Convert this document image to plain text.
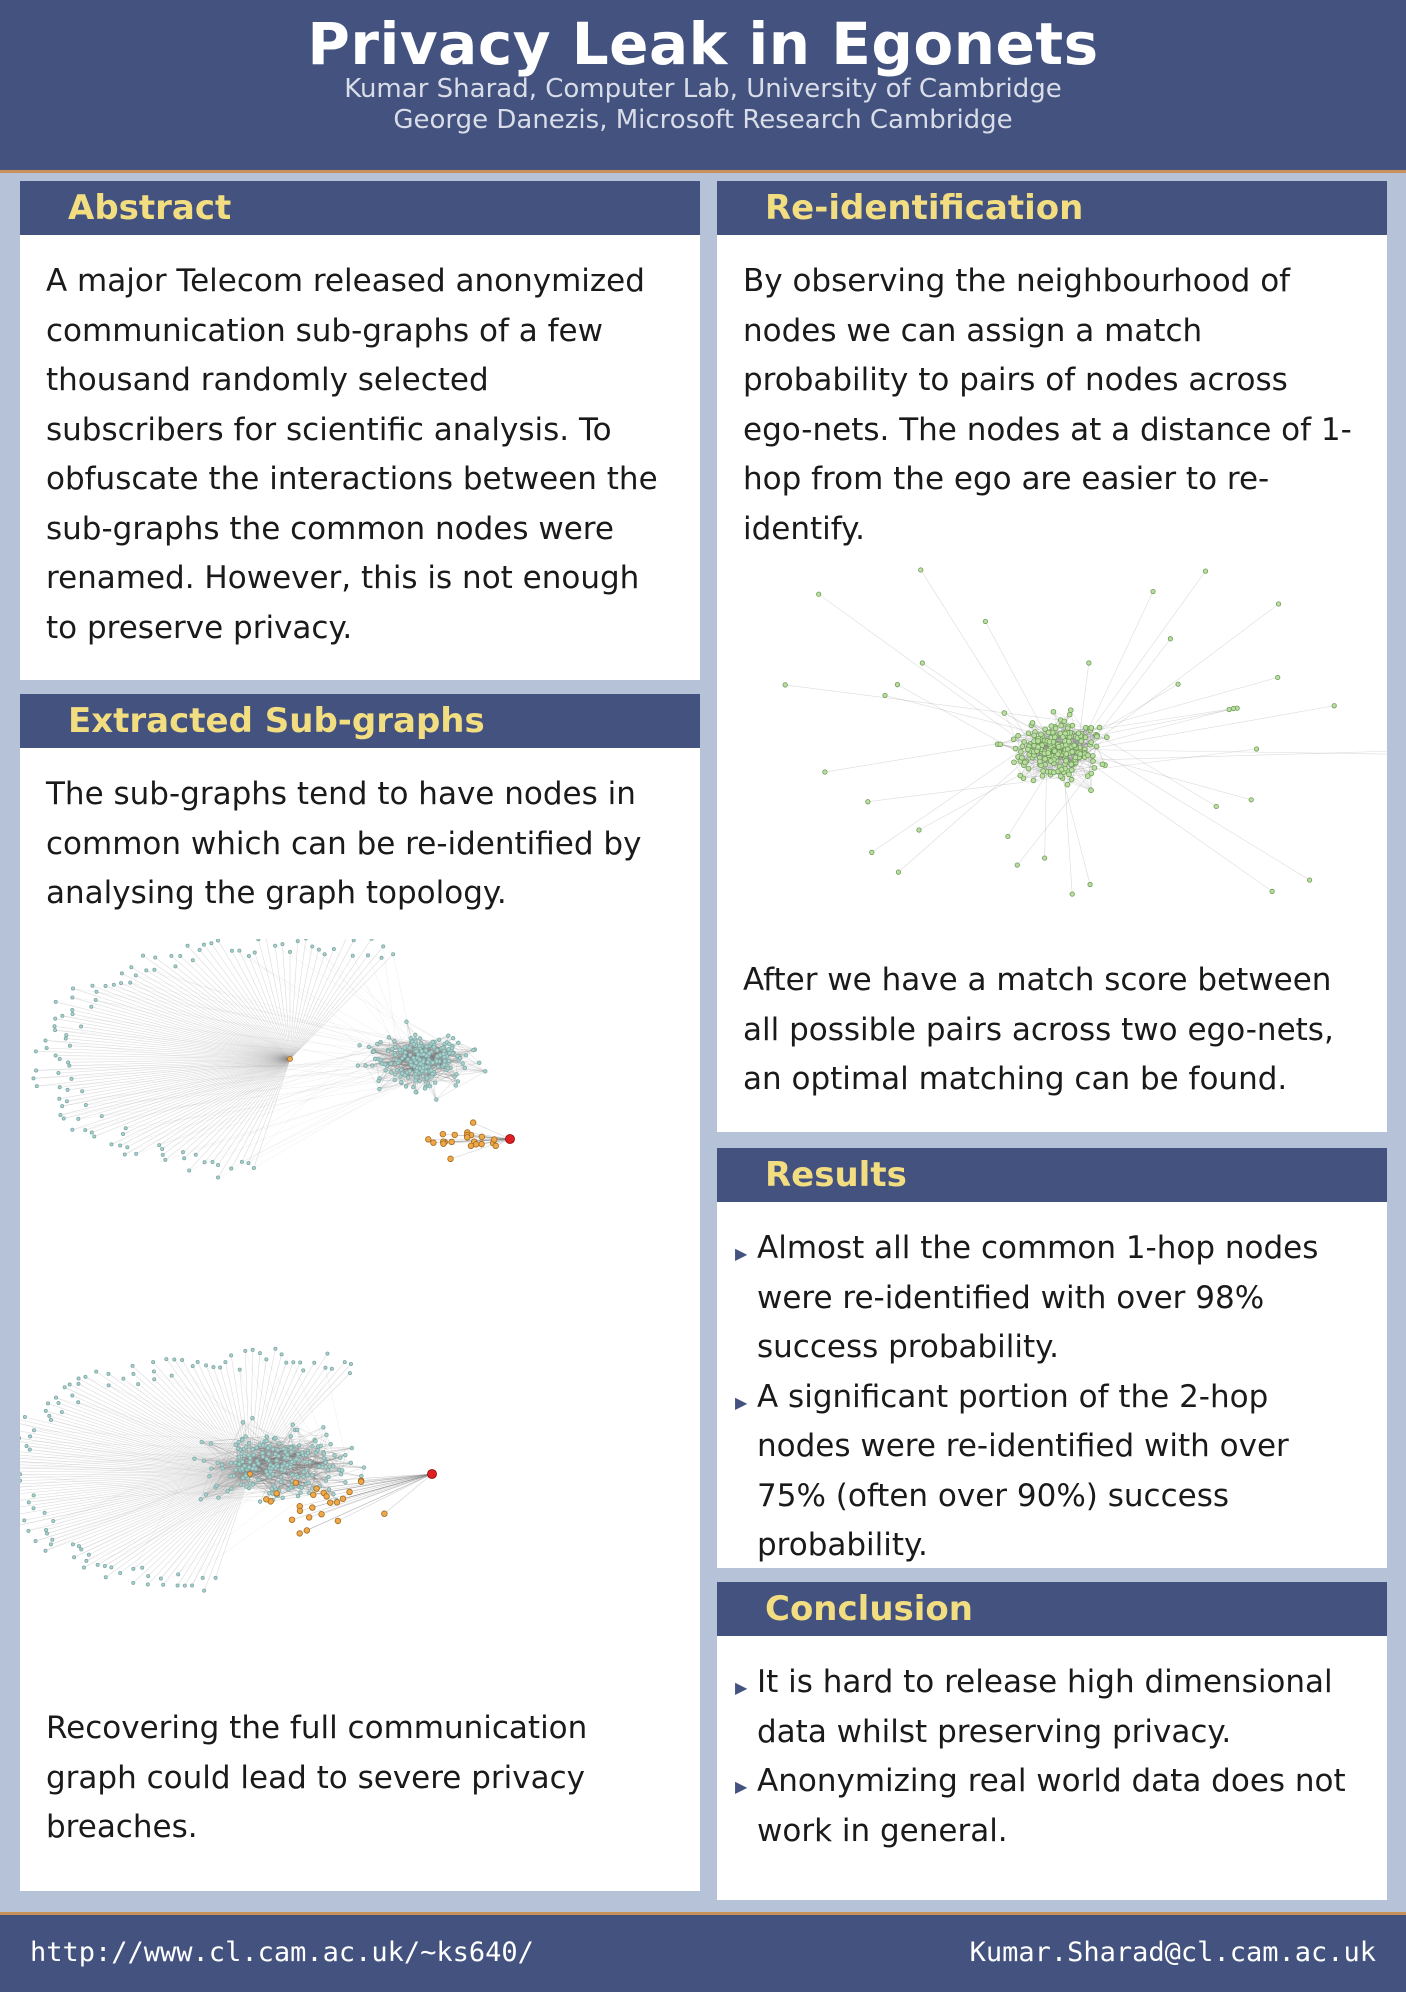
Privacy Leak in Egonets
Kumar Sharad, Computer Lab, University of Cambridge
George Danezis, Microsoft Research Cambridge
Abstract

A major Telecom released anonymized communication sub-graphs of a few thousand randomly selected subscribers for scientific analysis. To obfuscate the interactions between the sub-graphs the common nodes were renamed. However, this is not enough to preserve privacy.

Extracted Sub-graphs

The sub-graphs tend to have nodes in common which can be re-identified by analysing the graph topology.

Recovering the full communication graph could lead to severe privacy breaches.

Re-identification

By observing the neighbourhood of nodes we can assign a match probability to pairs of nodes across ego-nets. The nodes at a distance of 1-hop from the ego are easier to re-identify.

After we have a match score between all possible pairs across two ego-nets, an optimal matching can be found.

Results
▶ Almost all the common 1-hop nodes were re-identified with over 98% success probability.
▶ A significant portion of the 2-hop nodes were re-identified with over 75% (often over 90%) success probability.
Conclusion
▶ It is hard to release high dimensional data whilst preserving privacy.
▶ Anonymizing real world data does not work in general.
http://www.cl.cam.ac.uk/~ks640/	Kumar.Sharad@cl.cam.ac.uk
